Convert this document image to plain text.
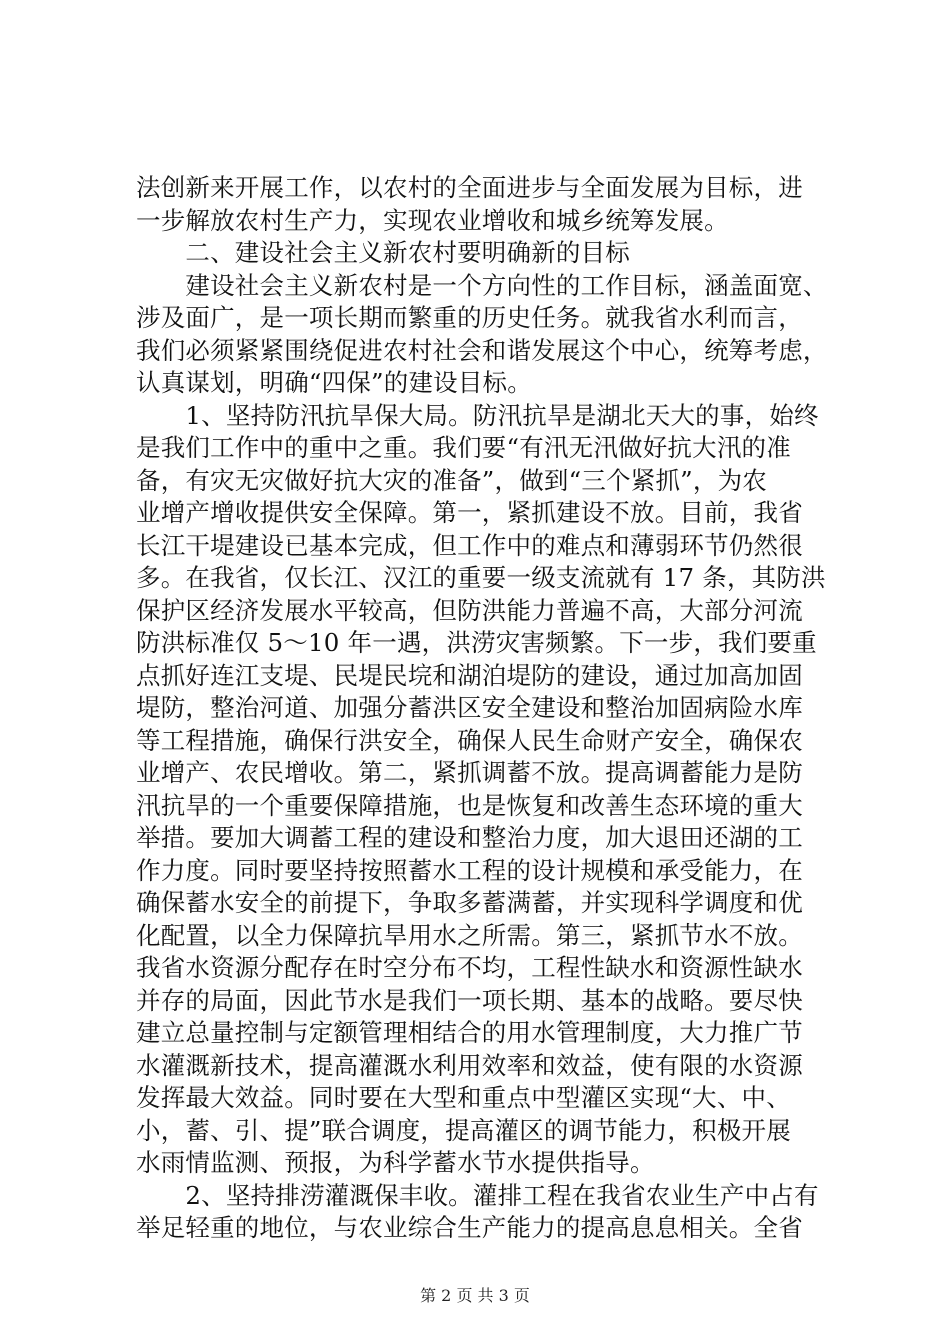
法创新来开展工作，以农村的全面进步与全面发展为目标，进
一步解放农村生产力，实现农业增收和城乡统筹发展。
　　二、建设社会主义新农村要明确新的目标
　　建设社会主义新农村是一个方向性的工作目标，涵盖面宽、
涉及面广，是一项长期而繁重的历史任务。就我省水利而言，
我们必须紧紧围绕促进农村社会和谐发展这个中心，统筹考虑，
认真谋划，明确“四保”的建设目标。
　　1、坚持防汛抗旱保大局。防汛抗旱是湖北天大的事，始终
是我们工作中的重中之重。我们要“有汛无汛做好抗大汛的准
备，有灾无灾做好抗大灾的准备”，做到“三个紧抓”，为农
业增产增收提供安全保障。第一，紧抓建设不放。目前，我省
长江干堤建设已基本完成，但工作中的难点和薄弱环节仍然很
多。在我省，仅长江、汉江的重要一级支流就有 17 条，其防洪
保护区经济发展水平较高，但防洪能力普遍不高，大部分河流
防洪标准仅 5～10 年一遇，洪涝灾害频繁。下一步，我们要重
点抓好连江支堤、民堤民垸和湖泊堤防的建设，通过加高加固
堤防，整治河道、加强分蓄洪区安全建设和整治加固病险水库
等工程措施，确保行洪安全，确保人民生命财产安全，确保农
业增产、农民增收。第二，紧抓调蓄不放。提高调蓄能力是防
汛抗旱的一个重要保障措施，也是恢复和改善生态环境的重大
举措。要加大调蓄工程的建设和整治力度，加大退田还湖的工
作力度。同时要坚持按照蓄水工程的设计规模和承受能力，在
确保蓄水安全的前提下，争取多蓄满蓄，并实现科学调度和优
化配置，以全力保障抗旱用水之所需。第三，紧抓节水不放。
我省水资源分配存在时空分布不均，工程性缺水和资源性缺水
并存的局面，因此节水是我们一项长期、基本的战略。要尽快
建立总量控制与定额管理相结合的用水管理制度，大力推广节
水灌溉新技术，提高灌溉水利用效率和效益，使有限的水资源
发挥最大效益。同时要在大型和重点中型灌区实现“大、中、
小，蓄、引、提”联合调度，提高灌区的调节能力，积极开展
水雨情监测、预报，为科学蓄水节水提供指导。
　　2、坚持排涝灌溉保丰收。灌排工程在我省农业生产中占有
举足轻重的地位，与农业综合生产能力的提高息息相关。全省
第 2 页 共 3 页
